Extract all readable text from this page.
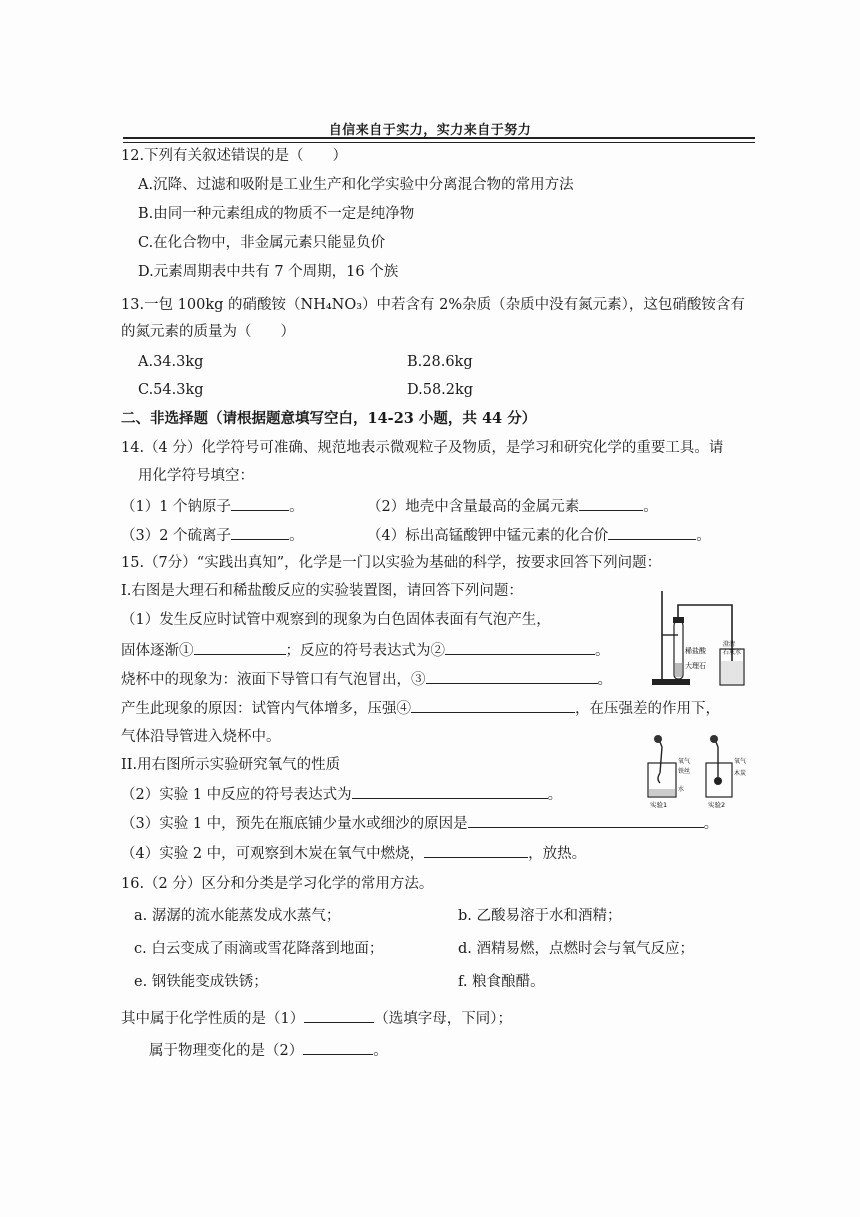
自信来自于实力，实力来自于努力
12.下列有关叙述错误的是（　　）
A.沉降、过滤和吸附是工业生产和化学实验中分离混合物的常用方法
B.由同一种元素组成的物质不一定是纯净物
C.在化合物中，非金属元素只能显负价
D.元素周期表中共有 7 个周期，16 个族
13.一包 100kg 的硝酸铵（NH₄NO₃）中若含有 2%杂质（杂质中没有氮元素），这包硝酸铵含有
的氮元素的质量为（　　）
A.34.3kg	B.28.6kg
C.54.3kg	D.58.2kg
二、非选择题（请根据题意填写空白，14-23 小题，共 44 分）
14.（4 分）化学符号可准确、规范地表示微观粒子及物质，是学习和研究化学的重要工具。请
用化学符号填空：
（1）1 个钠原子	。	（2）地壳中含量最高的金属元素	。
（3）2 个硫离子	。	（4）标出高锰酸钾中锰元素的化合价	。
15.（7分）“实践出真知”，化学是一门以实验为基础的科学，按要求回答下列问题：
I.右图是大理石和稀盐酸反应的实验装置图，请回答下列问题：
（1）发生反应时试管中观察到的现象为白色固体表面有气泡产生，
固体逐渐①	；反应的符号表达式为②	。
烧杯中的现象为：液面下导管口有气泡冒出，③	。
产生此现象的原因：试管内气体增多，压强④	，在压强差的作用下，
气体沿导管进入烧杯中。
II.用右图所示实验研究氧气的性质
（2）实验 1 中反应的符号表达式为	。
（3）实验 1 中，预先在瓶底铺少量水或细沙的原因是	。
（4）实验 2 中，可观察到木炭在氧气中燃烧，	，放热。
稀盐酸
大理石
澄清
石灰水
氧气
铁丝
水
实验1
氧气
木炭
实验2
16.（2 分）区分和分类是学习化学的常用方法。
a. 潺潺的流水能蒸发成水蒸气；	b. 乙酸易溶于水和酒精；
c. 白云变成了雨滴或雪花降落到地面；	d. 酒精易燃，点燃时会与氧气反应；
e. 钢铁能变成铁锈；	f. 粮食酿醋。
其中属于化学性质的是（1）	（选填字母，下同）；
属于物理变化的是（2）	。
